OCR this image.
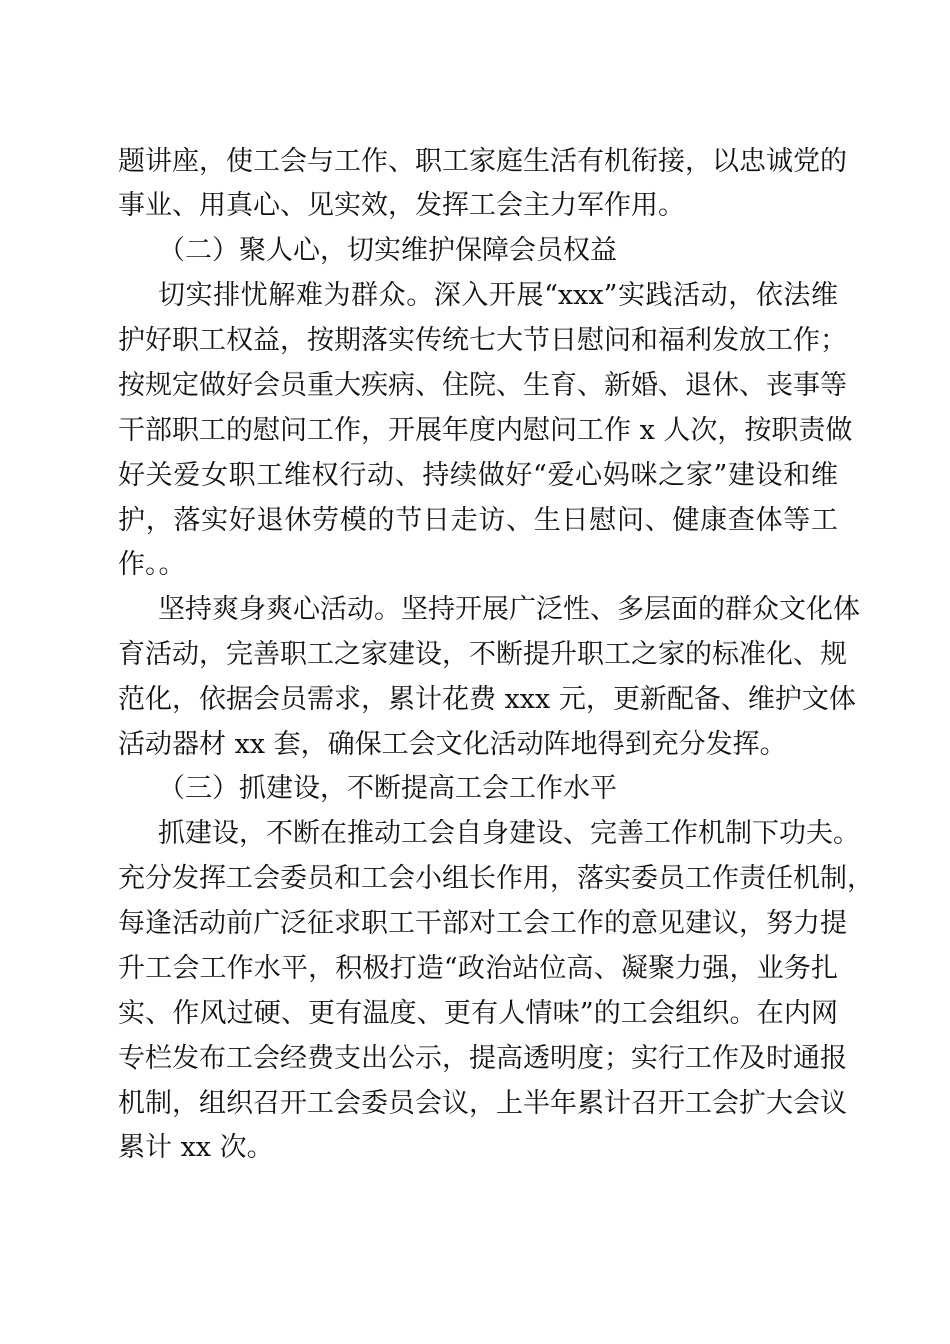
题讲座，使工会与工作、职工家庭生活有机衔接，以忠诚党的

事业、用真心、见实效，发挥工会主力军作用。

（二）聚人心，切实维护保障会员权益

切实排忧解难为群众。深入开展“xxx”实践活动，依法维

护好职工权益，按期落实传统七大节日慰问和福利发放工作；

按规定做好会员重大疾病、住院、生育、新婚、退休、丧事等

干部职工的慰问工作，开展年度内慰问工作 x 人次，按职责做

好关爱女职工维权行动、持续做好“爱心妈咪之家”建设和维

护，落实好退休劳模的节日走访、生日慰问、健康查体等工

作。。

坚持爽身爽心活动。坚持开展广泛性、多层面的群众文化体

育活动，完善职工之家建设，不断提升职工之家的标准化、规

范化，依据会员需求，累计花费 xxx 元，更新配备、维护文体

活动器材 xx 套，确保工会文化活动阵地得到充分发挥。

（三）抓建设，不断提高工会工作水平

抓建设，不断在推动工会自身建设、完善工作机制下功夫。

充分发挥工会委员和工会小组长作用，落实委员工作责任机制，

每逢活动前广泛征求职工干部对工会工作的意见建议，努力提

升工会工作水平，积极打造“政治站位高、凝聚力强，业务扎

实、作风过硬、更有温度、更有人情味”的工会组织。在内网

专栏发布工会经费支出公示，提高透明度；实行工作及时通报

机制，组织召开工会委员会议，上半年累计召开工会扩大会议

累计 xx 次。
